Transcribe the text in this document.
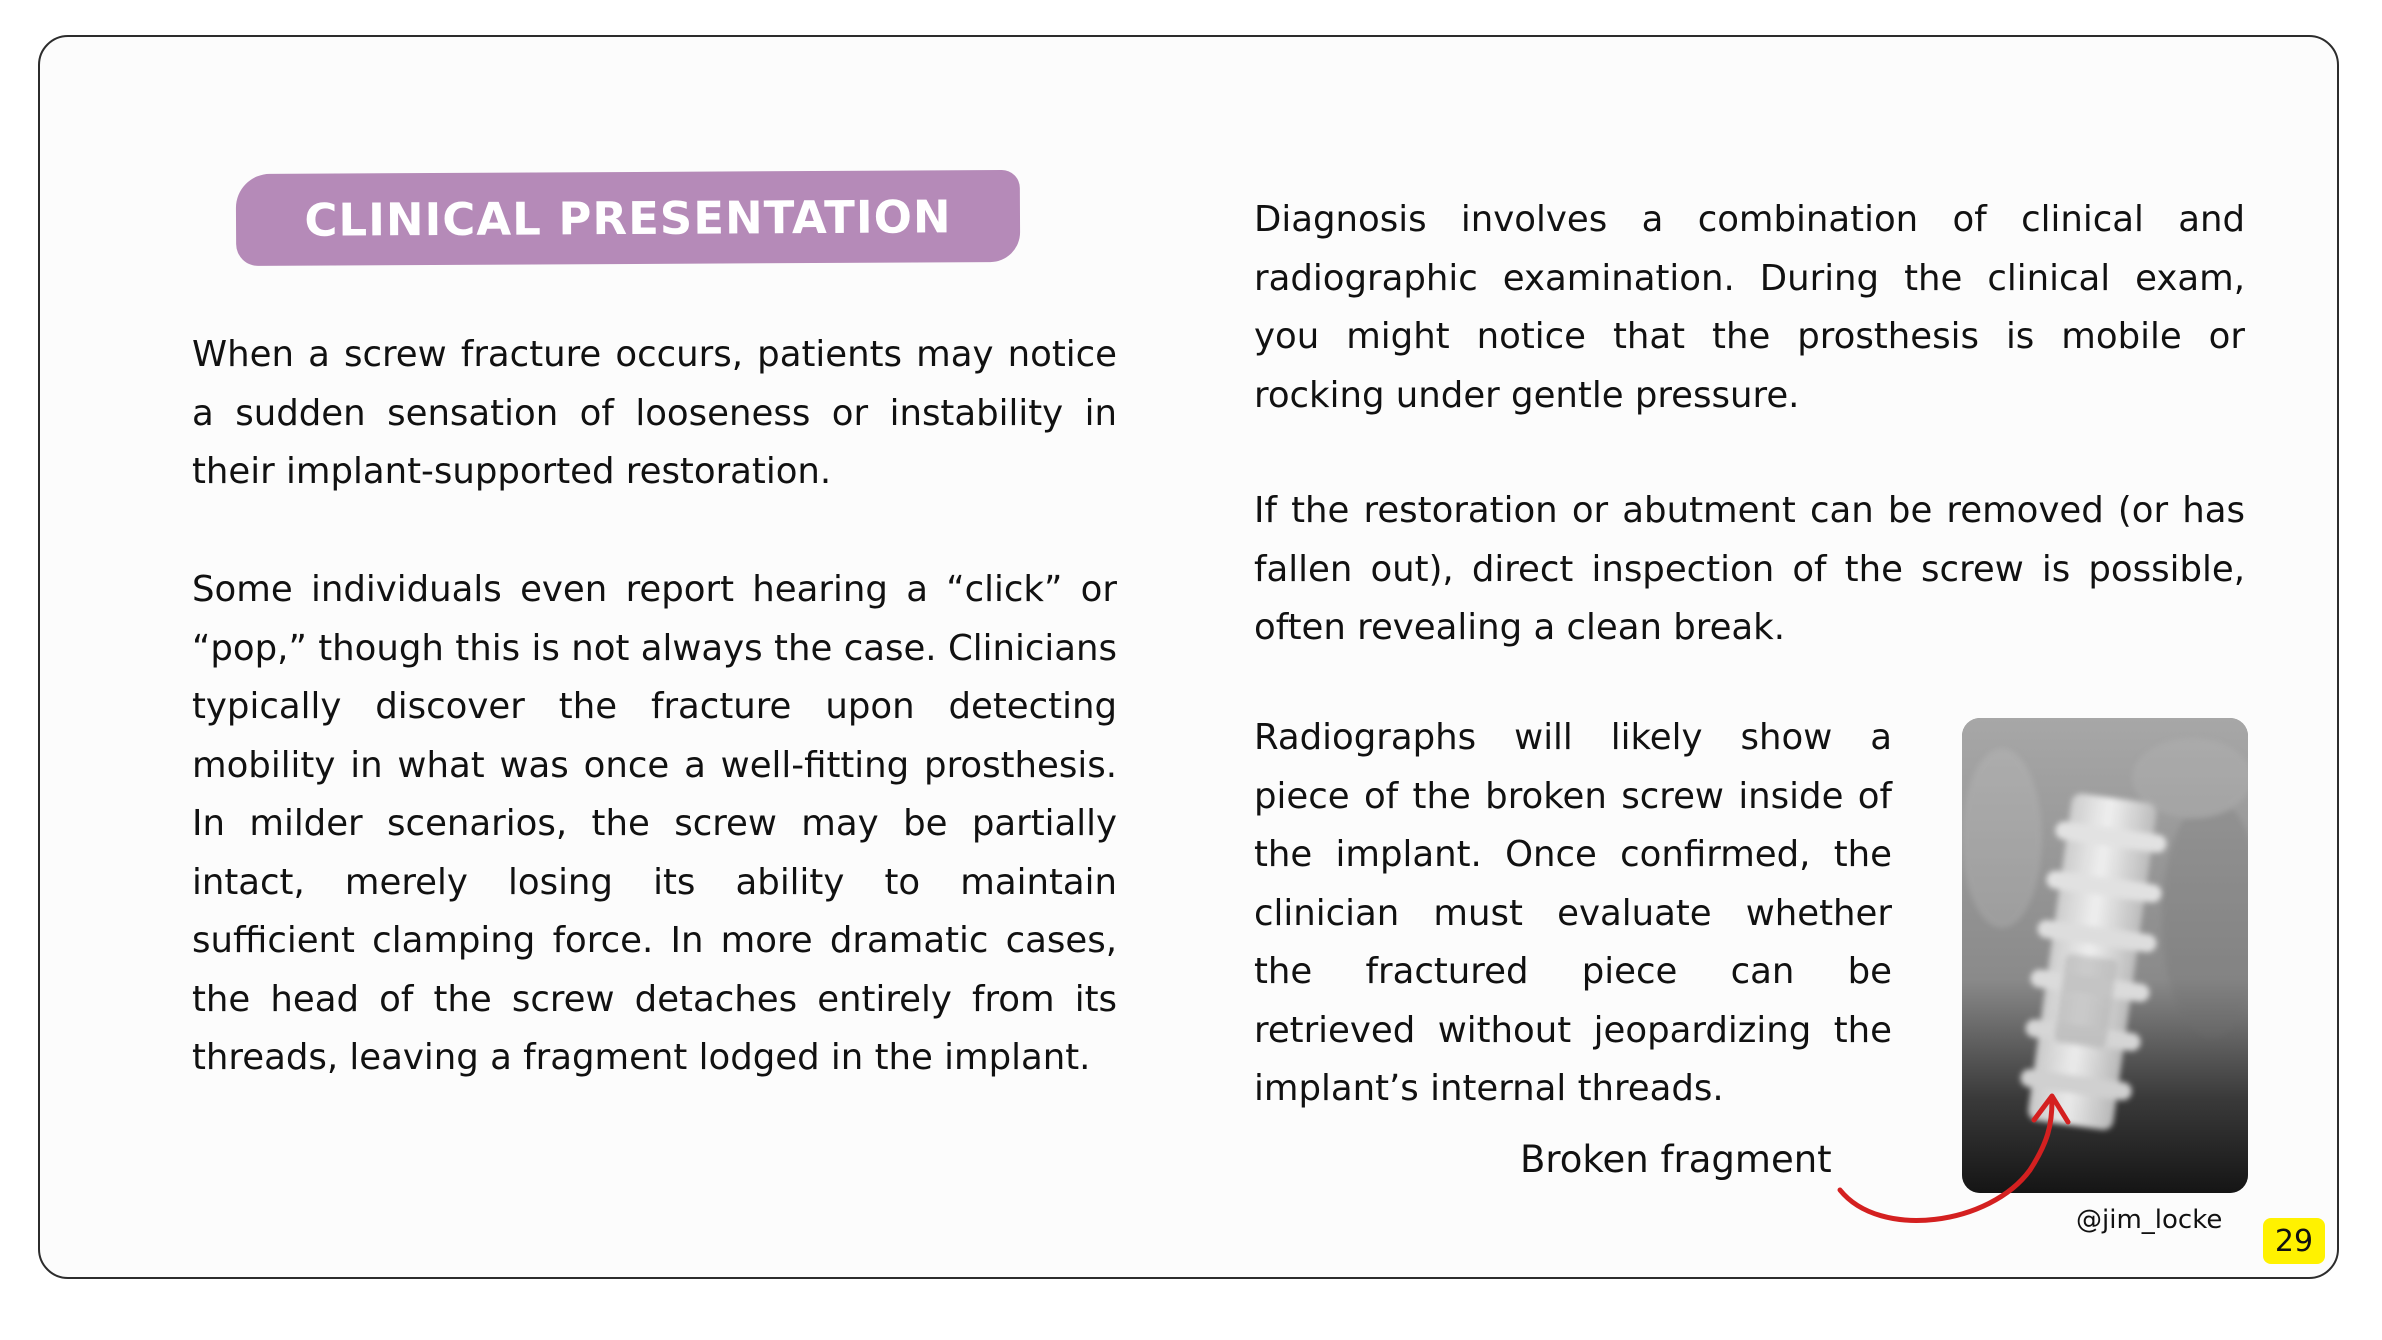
CLINICAL PRESENTATION

When a screw fracture occurs, patients may notice a sudden sensation of looseness or instability in their implant-supported restoration.

Some individuals even report hearing a “click” or “pop,” though this is not always the case. Clinicians typically discover the fracture upon detecting mobility in what was once a well-fitting prosthesis. In milder scenarios, the screw may be partially intact, merely losing its ability to maintain sufficient clamping force. In more dramatic cases, the head of the screw detaches entirely from its threads, leaving a fragment lodged in the implant.

Diagnosis involves a combination of clinical and radiographic examination. During the clinical exam, you might notice that the prosthesis is mobile or rocking under gentle pressure.

If the restoration or abutment can be removed (or has fallen out), direct inspection of the screw is possible, often revealing a clean break.

Radiographs will likely show a piece of the broken screw inside of the implant. Once confirmed, the clinician must evaluate whether the fractured piece can be retrieved without jeopardizing the implant’s internal threads.

Broken fragment
@jim_locke
29
